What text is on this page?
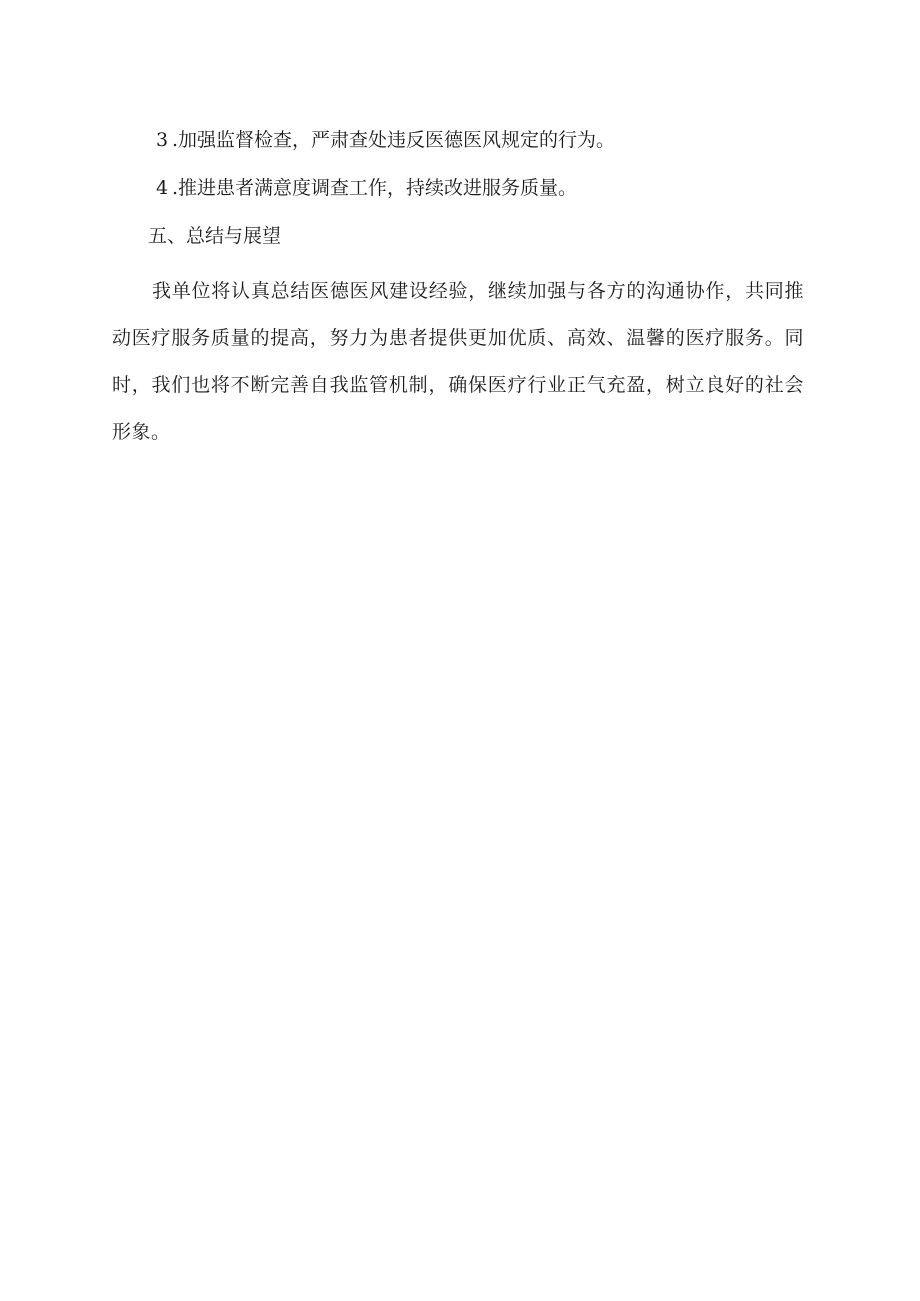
3 .加强监督检查，严肃查处违反医德医风规定的行为。
4 .推进患者满意度调查工作，持续改进服务质量。
五、总结与展望

我单位将认真总结医德医风建设经验，继续加强与各方的沟通协作，共同推动医疗服务质量的提高，努力为患者提供更加优质、高效、温馨的医疗服务。同时，我们也将不断完善自我监管机制，确保医疗行业正气充盈，树立良好的社会形象。
